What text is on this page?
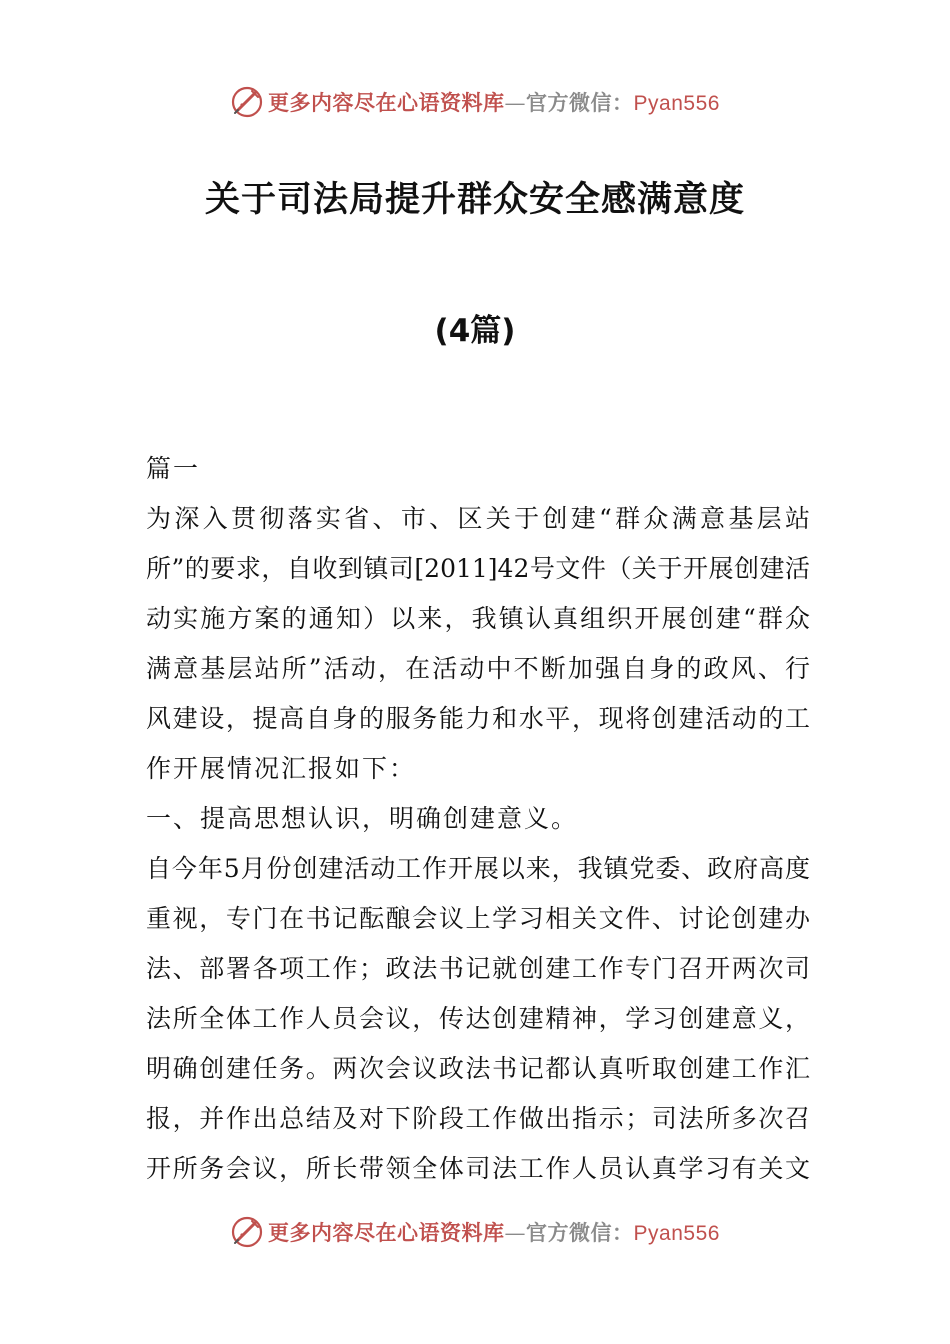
更多内容尽在心语资料库—官方微信：Pyan556
关于司法局提升群众安全感满意度
(4篇)
篇一
为深入贯彻落实省、市、区关于创建“群众满意基层站
所”的要求，自收到镇司[2011]42号文件（关于开展创建活
动实施方案的通知）以来，我镇认真组织开展创建“群众
满意基层站所”活动，在活动中不断加强自身的政风、行
风建设，提高自身的服务能力和水平，现将创建活动的工
作开展情况汇报如下：
一、提高思想认识，明确创建意义。
自今年5月份创建活动工作开展以来，我镇党委、政府高度
重视，专门在书记酝酿会议上学习相关文件、讨论创建办
法、部署各项工作；政法书记就创建工作专门召开两次司
法所全体工作人员会议，传达创建精神，学习创建意义，
明确创建任务。两次会议政法书记都认真听取创建工作汇
报，并作出总结及对下阶段工作做出指示；司法所多次召
开所务会议，所长带领全体司法工作人员认真学习有关文
更多内容尽在心语资料库—官方微信：Pyan556
